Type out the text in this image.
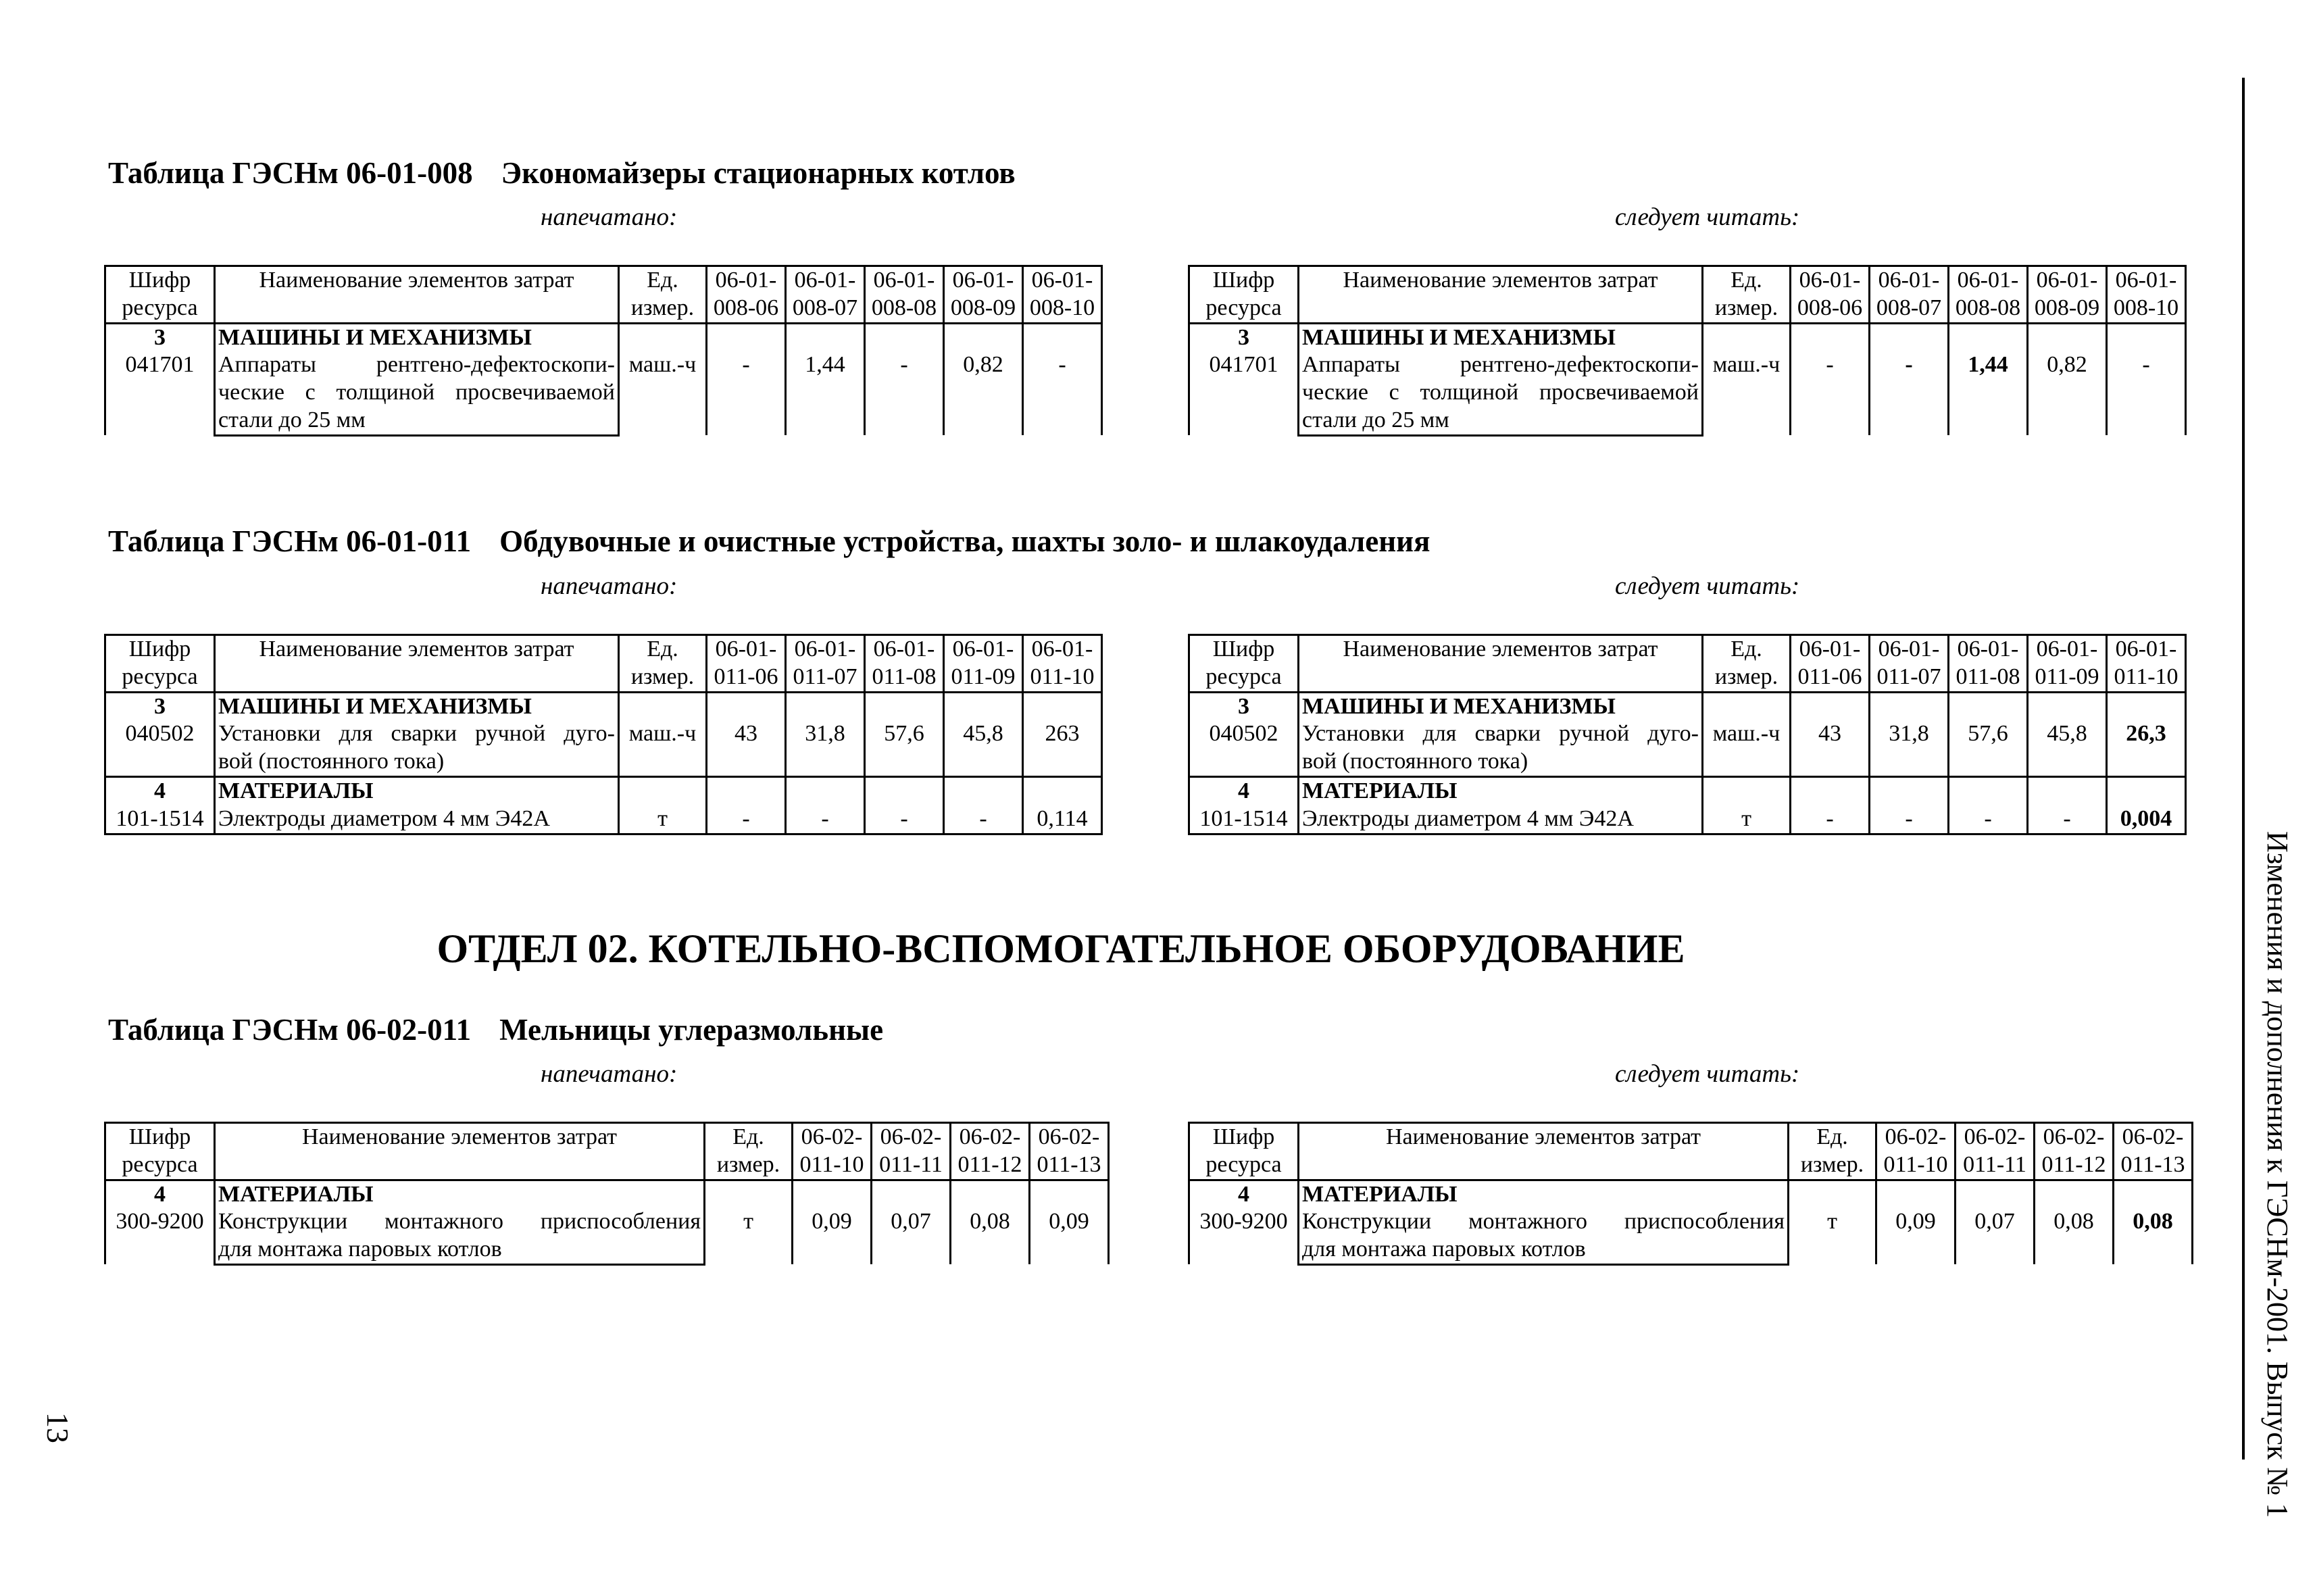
Таблица ГЭСНм 06-01-008 Экономайзеры стационарных котлов
напечатано:	следует читать:
Шифр	Наименование элементов затрат	Ед.	06-01-	06-01-	06-01-	06-01-	06-01-
ресурса		измер.	008-06	008-07	008-08	008-09	008-10
3	МАШИНЫ И МЕХАНИЗМЫ						
041701	Аппараты рентгено-дефектоскопи-	маш.-ч	-	1,44	-	0,82	-
	ческие с толщиной просвечиваемой						
	стали до 25 мм						
Шифр	Наименование элементов затрат	Ед.	06-01-	06-01-	06-01-	06-01-	06-01-
ресурса		измер.	008-06	008-07	008-08	008-09	008-10
3	МАШИНЫ И МЕХАНИЗМЫ						
041701	Аппараты рентгено-дефектоскопи-	маш.-ч	-	-	1,44	0,82	-
	ческие с толщиной просвечиваемой						
	стали до 25 мм						
Таблица ГЭСНм 06-01-011 Обдувочные и очистные устройства, шахты золо- и шлакоудаления
напечатано:	следует читать:
Шифр	Наименование элементов затрат	Ед.	06-01-	06-01-	06-01-	06-01-	06-01-
ресурса		измер.	011-06	011-07	011-08	011-09	011-10
3	МАШИНЫ И МЕХАНИЗМЫ						
040502	Установки для сварки ручной дуго-	маш.-ч	43	31,8	57,6	45,8	263
	вой (постоянного тока)						
4	МАТЕРИАЛЫ						
101-1514	Электроды диаметром 4 мм Э42А	т	-	-	-	-	0,114
Шифр	Наименование элементов затрат	Ед.	06-01-	06-01-	06-01-	06-01-	06-01-
ресурса		измер.	011-06	011-07	011-08	011-09	011-10
3	МАШИНЫ И МЕХАНИЗМЫ						
040502	Установки для сварки ручной дуго-	маш.-ч	43	31,8	57,6	45,8	26,3
	вой (постоянного тока)						
4	МАТЕРИАЛЫ						
101-1514	Электроды диаметром 4 мм Э42А	т	-	-	-	-	0,004
ОТДЕЛ 02. КОТЕЛЬНО-ВСПОМОГАТЕЛЬНОЕ ОБОРУДОВАНИЕ
Таблица ГЭСНм 06-02-011 Мельницы углеразмольные
напечатано:	следует читать:
Шифр	Наименование элементов затрат	Ед.	06-02-	06-02-	06-02-	06-02-
ресурса		измер.	011-10	011-11	011-12	011-13
4	МАТЕРИАЛЫ					
300-9200	Конструкции монтажного приспособления	т	0,09	0,07	0,08	0,09
	для монтажа паровых котлов					
Шифр	Наименование элементов затрат	Ед.	06-02-	06-02-	06-02-	06-02-
ресурса		измер.	011-10	011-11	011-12	011-13
4	МАТЕРИАЛЫ					
300-9200	Конструкции монтажного приспособления	т	0,09	0,07	0,08	0,08
	для монтажа паровых котлов						Изменения и дополнения к ГЭСНм-2001. Выпуск № 1
13
